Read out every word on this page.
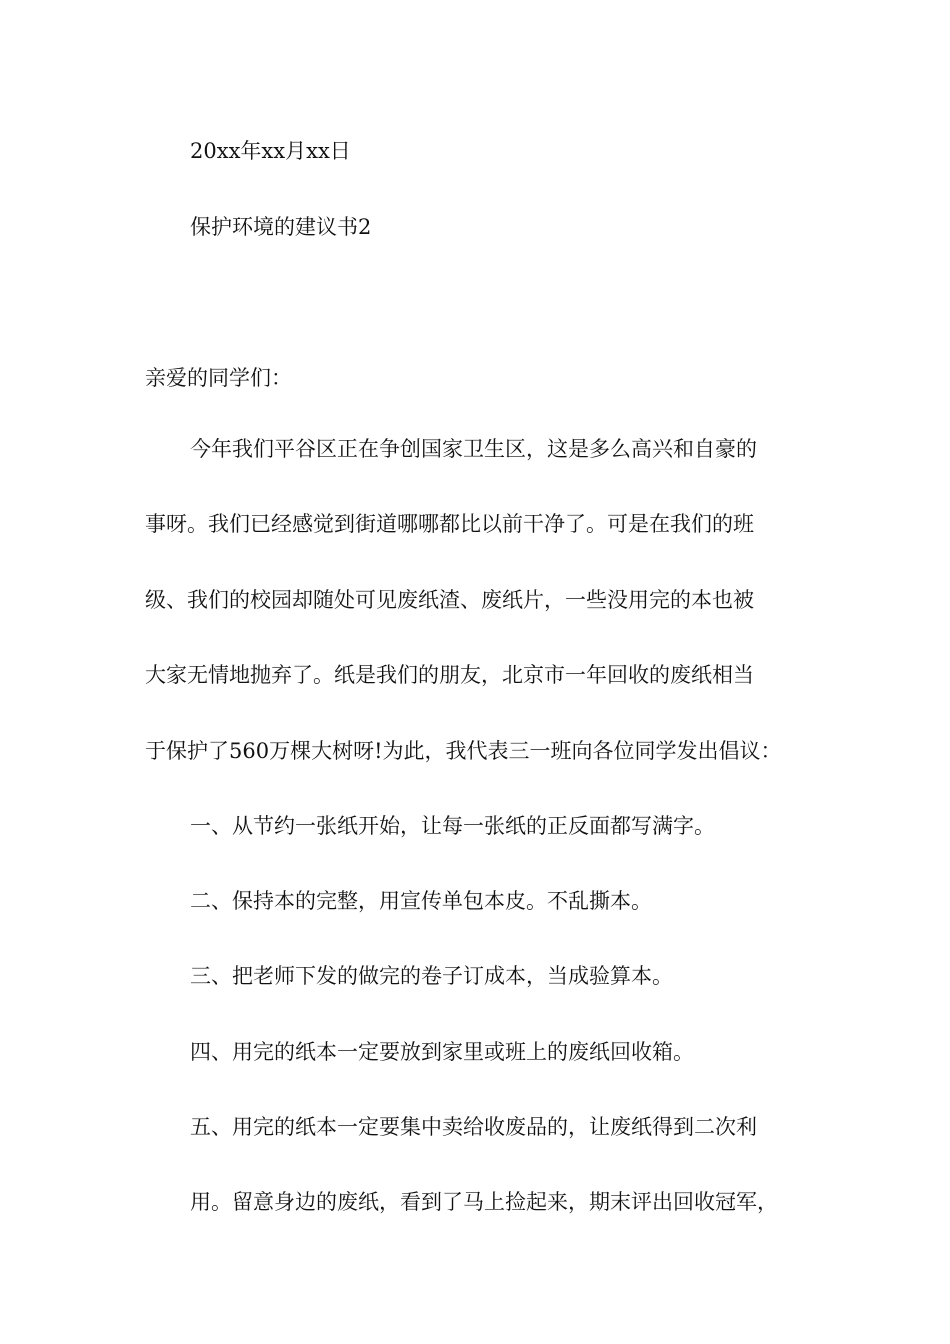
20xx年xx月xx日
保护环境的建议书2
亲爱的同学们：
今年我们平谷区正在争创国家卫生区，这是多么高兴和自豪的
事呀。我们已经感觉到街道哪哪都比以前干净了。可是在我们的班
级、我们的校园却随处可见废纸渣、废纸片，一些没用完的本也被
大家无情地抛弃了。纸是我们的朋友，北京市一年回收的废纸相当
于保护了560万棵大树呀!为此，我代表三一班向各位同学发出倡议：
一、从节约一张纸开始，让每一张纸的正反面都写满字。
二、保持本的完整，用宣传单包本皮。不乱撕本。
三、把老师下发的做完的卷子订成本，当成验算本。
四、用完的纸本一定要放到家里或班上的废纸回收箱。
五、用完的纸本一定要集中卖给收废品的，让废纸得到二次利
用。留意身边的废纸，看到了马上捡起来，期末评出回收冠军，
